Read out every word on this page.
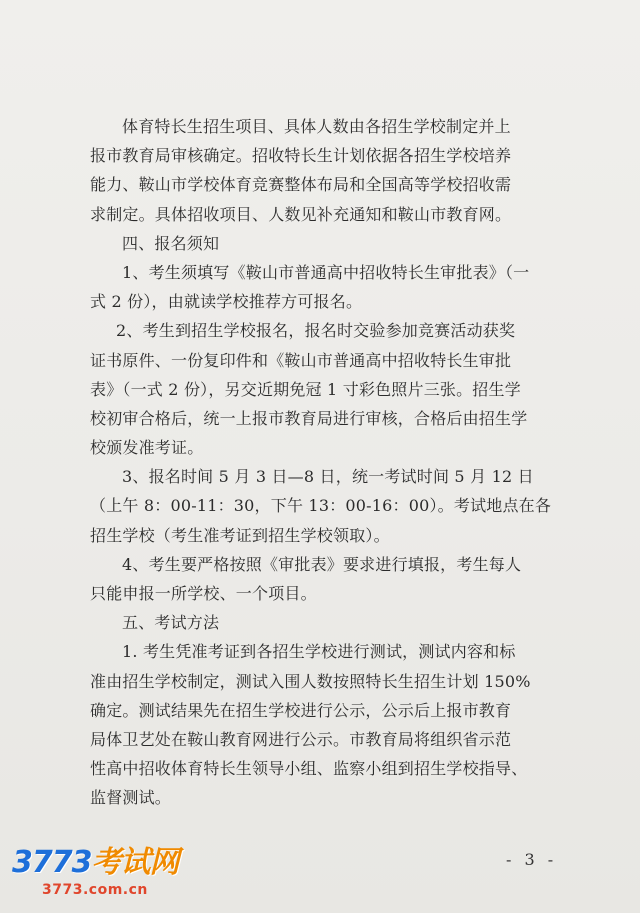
体育特长生招生项目、具体人数由各招生学校制定并上
报市教育局审核确定。招收特长生计划依据各招生学校培养
能力、鞍山市学校体育竞赛整体布局和全国高等学校招收需
求制定。具体招收项目、人数见补充通知和鞍山市教育网。
四、报名须知
1、考生须填写《鞍山市普通高中招收特长生审批表》（一
式 2 份），由就读学校推荐方可报名。
2、考生到招生学校报名，报名时交验参加竞赛活动获奖
证书原件、一份复印件和《鞍山市普通高中招收特长生审批
表》（一式 2 份），另交近期免冠 1 寸彩色照片三张。招生学
校初审合格后，统一上报市教育局进行审核，合格后由招生学
校颁发准考证。
3、报名时间 5 月 3 日—8 日，统一考试时间 5 月 12 日
（上午 8：00-11：30，下午 13：00-16：00）。考试地点在各
招生学校（考生准考证到招生学校领取）。
4、考生要严格按照《审批表》要求进行填报，考生每人
只能申报一所学校、一个项目。
五、考试方法
1. 考生凭准考证到各招生学校进行测试，测试内容和标
准由招生学校制定，测试入围人数按照特长生招生计划 150%
确定。测试结果先在招生学校进行公示，公示后上报市教育
局体卫艺处在鞍山教育网进行公示。市教育局将组织省示范
性高中招收体育特长生领导小组、监察小组到招生学校指导、
监督测试。
- 3 -
3773考试网
3773.com.cn
